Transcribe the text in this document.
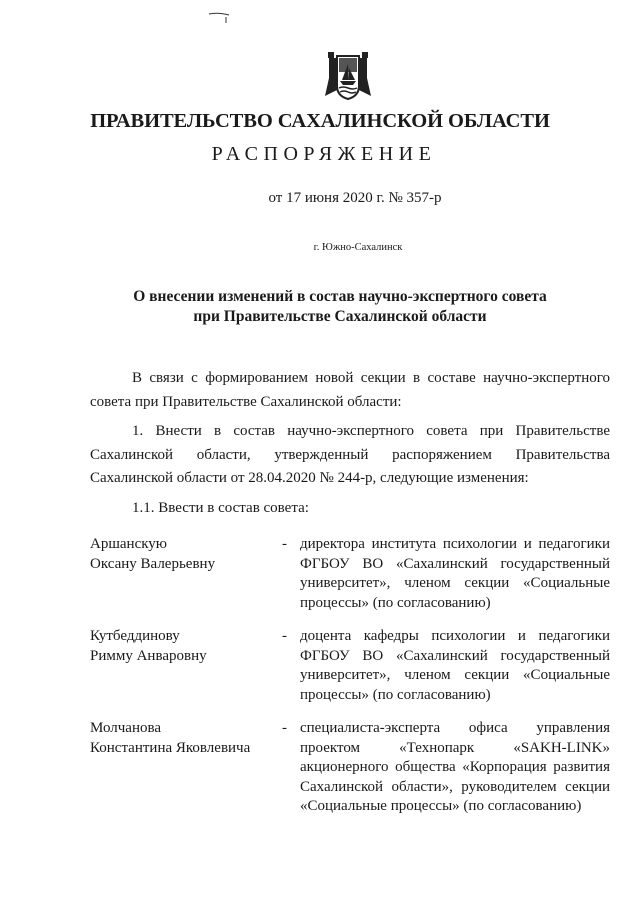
ПРАВИТЕЛЬСТВО САХАЛИНСКОЙ ОБЛАСТИ
РАСПОРЯЖЕНИЕ
от 17 июня 2020 г. № 357-р
г. Южно-Сахалинск
О внесении изменений в состав научно-экспертного совета
при Правительстве Сахалинской области

В связи с формированием новой секции в составе научно-экспертного совета при Правительстве Сахалинской области:

1. Внести в состав научно-экспертного совета при Правительстве Сахалинской области, утвержденный распоряжением Правительства Сахалинской области от 28.04.2020 № 244-р, следующие изменения:

1.1. Ввести в состав совета:

Аршанскую
Оксану Валерьевну
- директора института психологии и педагогики ФГБОУ ВО «Сахалинский государственный университет», членом секции «Социальные процессы» (по согласованию)
Кутбеддинову
Римму Анваровну
- доцента кафедры психологии и педагогики ФГБОУ ВО «Сахалинский государственный университет», членом секции «Социальные процессы» (по согласованию)
Молчанова
Константина Яковлевича
- специалиста-эксперта офиса управления проектом «Технопарк «SAKH-LINK» акционерного общества «Корпорация развития Сахалинской области», руководителем секции «Социальные процессы» (по согласованию)
